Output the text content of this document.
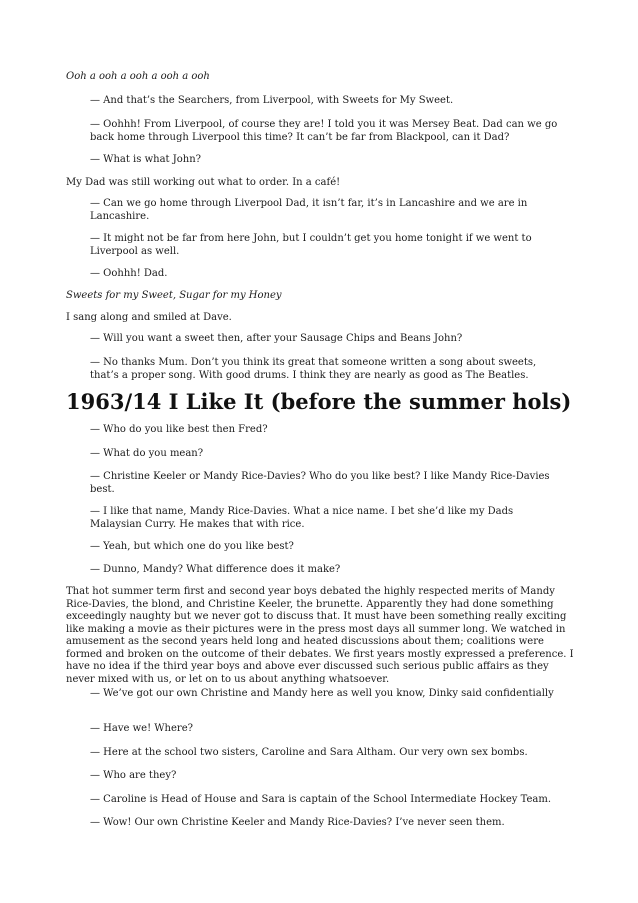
Ooh a ooh a ooh a ooh a ooh

— And that’s the Searchers, from Liverpool, with Sweets for My Sweet.

— Oohhh! From Liverpool, of course they are! I told you it was Mersey Beat. Dad can we go back home through Liverpool this time? It can’t be far from Blackpool, can it Dad?

— What is what John?

My Dad was still working out what to order. In a café!

— Can we go home through Liverpool Dad, it isn’t far, it’s in Lancashire and we are in Lancashire.

— It might not be far from here John, but I couldn’t get you home tonight if we went to Liverpool as well.

— Oohhh! Dad.

Sweets for my Sweet, Sugar for my Honey

I sang along and smiled at Dave.

— Will you want a sweet then, after your Sausage Chips and Beans John?

— No thanks Mum. Don’t you think its great that someone written a song about sweets, that’s a proper song. With good drums. I think they are nearly as good as The Beatles.

1963/14 I Like It (before the summer hols)

— Who do you like best then Fred?

— What do you mean?

— Christine Keeler or Mandy Rice-Davies? Who do you like best? I like Mandy Rice-Davies best.

— I like that name, Mandy Rice-Davies. What a nice name. I bet she’d like my Dads Malaysian Curry. He makes that with rice.

— Yeah, but which one do you like best?

— Dunno, Mandy? What difference does it make?

That hot summer term first and second year boys debated the highly respected merits of Mandy Rice-Davies, the blond, and Christine Keeler, the brunette. Apparently they had done something exceedingly naughty but we never got to discuss that. It must have been something really exciting like making a movie as their pictures were in the press most days all summer long. We watched in amusement as the second years held long and heated discussions about them; coalitions were formed and broken on the outcome of their debates. We first years mostly expressed a preference. I have no idea if the third year boys and above ever discussed such serious public affairs as they never mixed with us, or let on to us about anything whatsoever.

— We’ve got our own Christine and Mandy here as well you know, Dinky said confidentially

— Have we! Where?

— Here at the school two sisters, Caroline and Sara Altham. Our very own sex bombs.

— Who are they?

— Caroline is Head of House and Sara is captain of the School Intermediate Hockey Team.

— Wow! Our own Christine Keeler and Mandy Rice-Davies? I’ve never seen them.
